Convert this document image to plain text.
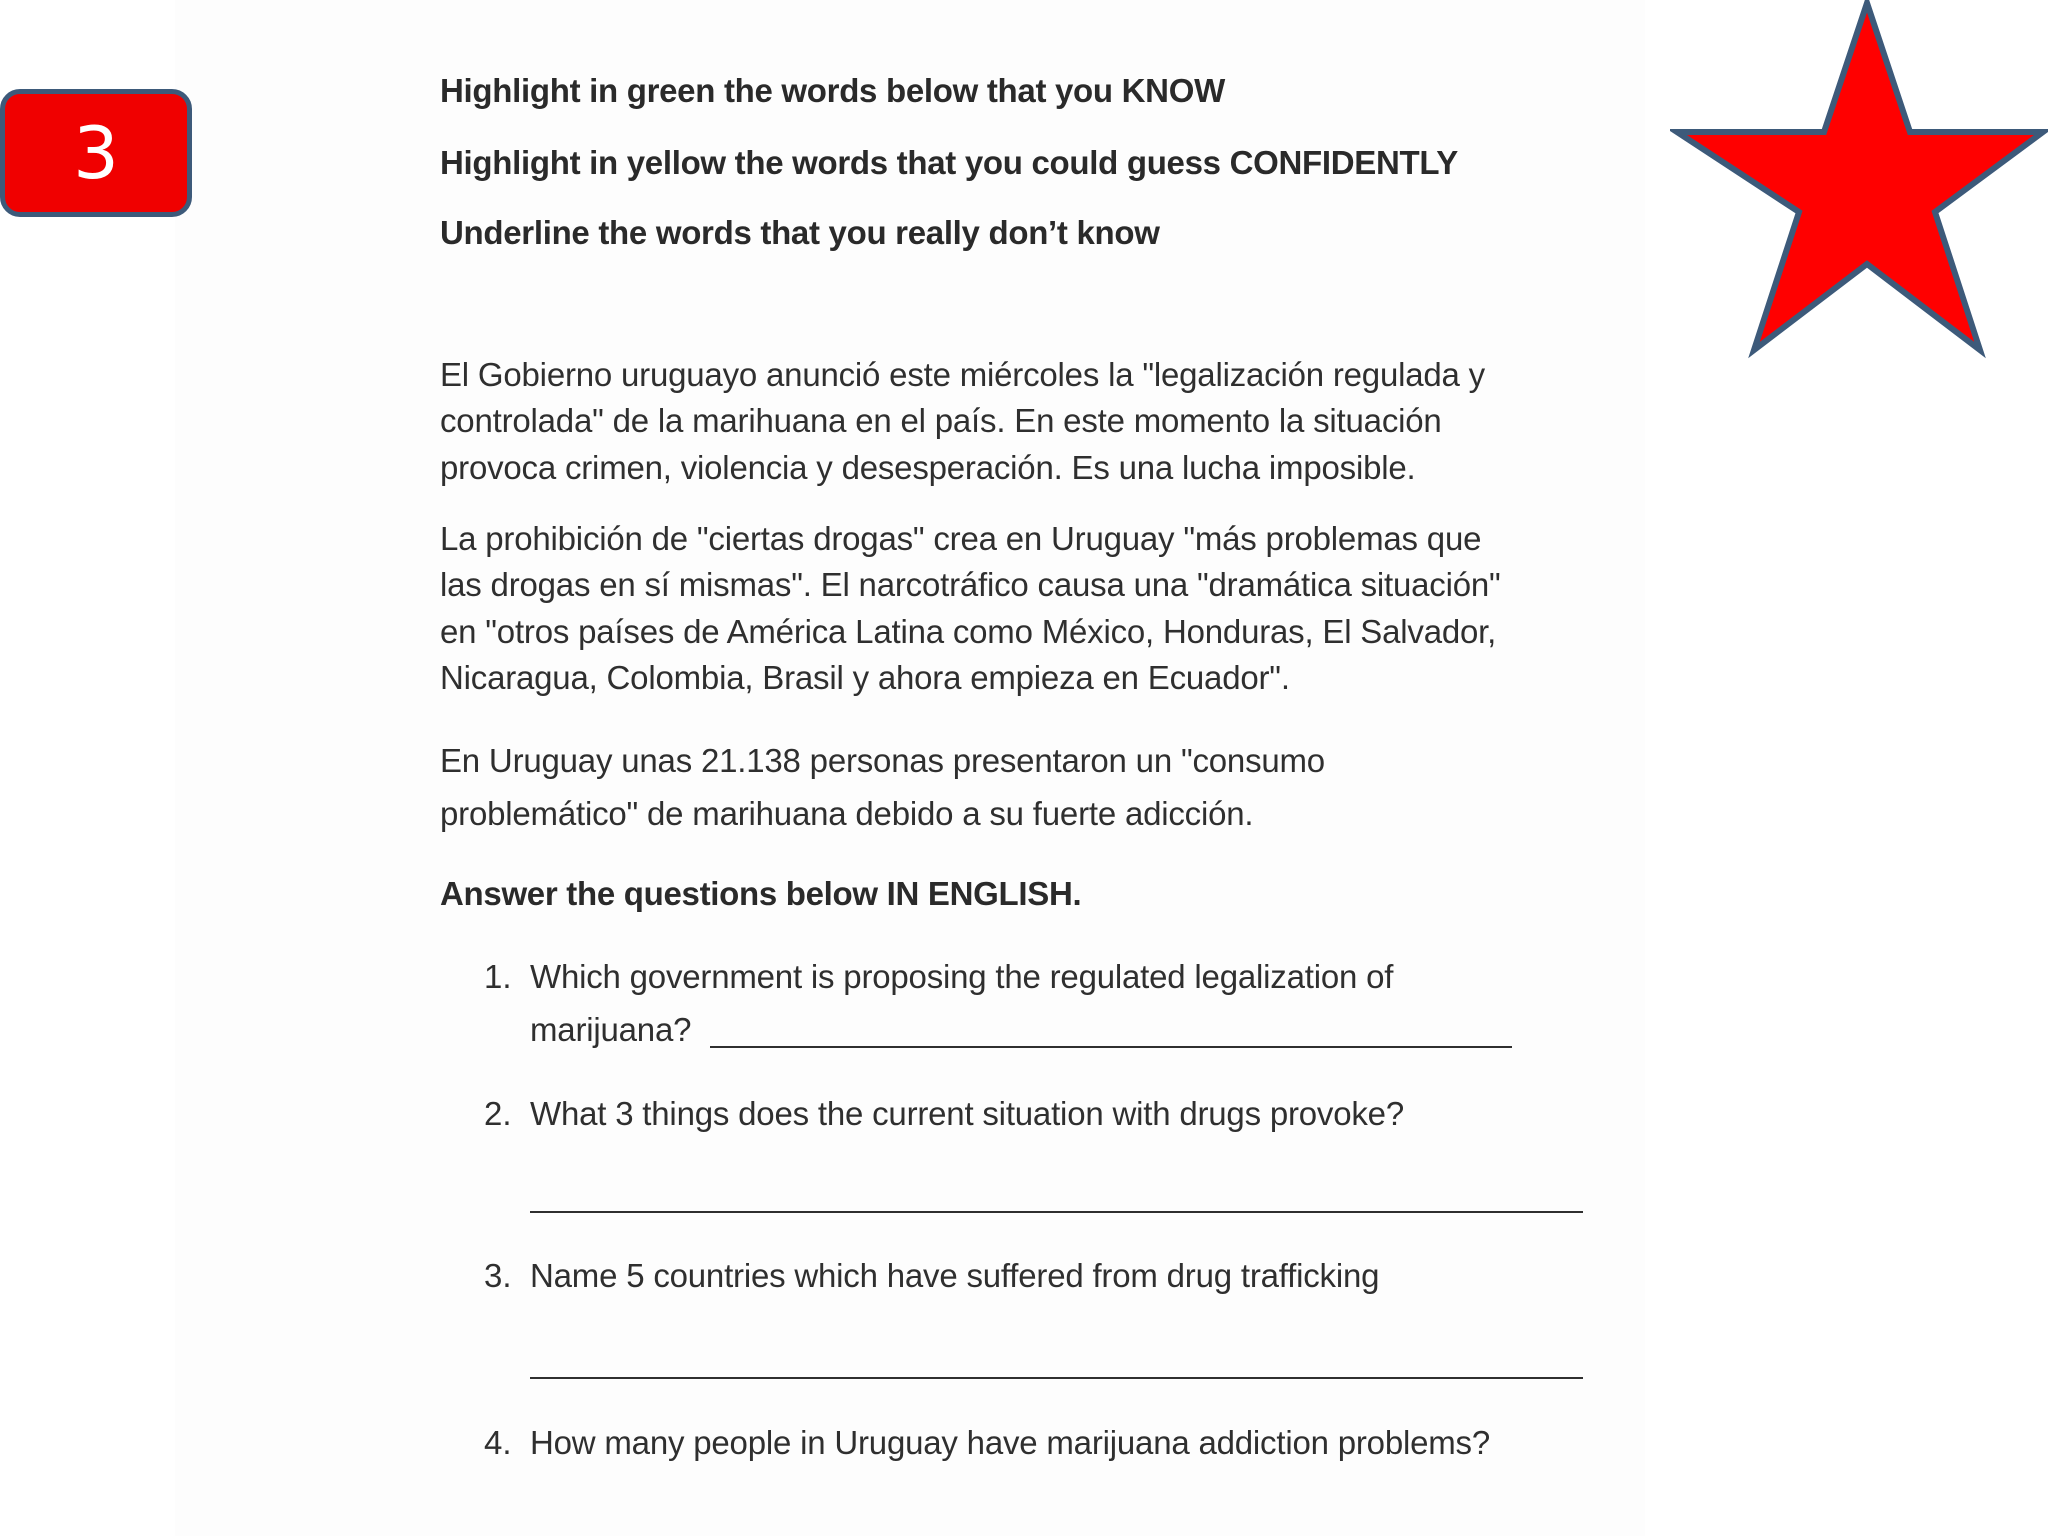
3
Highlight in green the words below that you KNOW
Highlight in yellow the words that you could guess CONFIDENTLY
Underline the words that you really don’t know
El Gobierno uruguayo anunció este miércoles la "legalización regulada y
controlada" de la marihuana en el país. En este momento la situación
provoca crimen, violencia y desesperación. Es una lucha imposible.
La prohibición de "ciertas drogas" crea en Uruguay "más problemas que
las drogas en sí mismas". El narcotráfico causa una "dramática situación"
en "otros países de América Latina como México, Honduras, El Salvador,
Nicaragua, Colombia, Brasil y ahora empieza en Ecuador".
En Uruguay unas 21.138 personas presentaron un "consumo
problemático" de marihuana debido a su fuerte adicción.
Answer the questions below IN ENGLISH.
1. Which government is proposing the regulated legalization of
marijuana?
2. What 3 things does the current situation with drugs provoke?
3. Name 5 countries which have suffered from drug trafficking
4. How many people in Uruguay have marijuana addiction problems?
